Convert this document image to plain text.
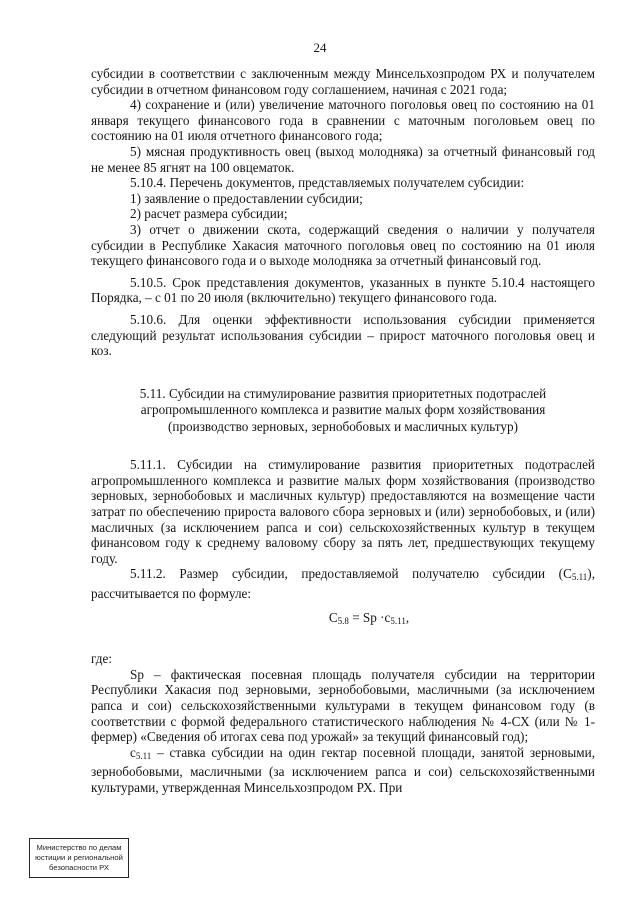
24

субсидии в соответствии с заключенным между Минсельхозпродом РХ и получателем субсидии в отчетном финансовом году соглашением, начиная с 2021 года;

4) сохранение и (или) увеличение маточного поголовья овец по состоянию на 01 января текущего финансового года в сравнении с маточным поголовьем овец по состоянию на 01 июля отчетного финансового года;

5) мясная продуктивность овец (выход молодняка) за отчетный финансовый год не менее 85 ягнят на 100 овцематок.

5.10.4. Перечень документов, представляемых получателем субсидии:

1) заявление о предоставлении субсидии;

2) расчет размера субсидии;

3) отчет о движении скота, содержащий сведения о наличии у получателя субсидии в Республике Хакасия маточного поголовья овец по состоянию на 01 июля текущего финансового года и о выходе молодняка за отчетный финансовый год.

5.10.5. Срок представления документов, указанных в пункте 5.10.4 настоящего Порядка, – с 01 по 20 июля (включительно) текущего финансового года.

5.10.6. Для оценки эффективности использования субсидии применяется следующий результат использования субсидии – прирост маточного поголовья овец и коз.

5.11. Субсидии на стимулирование развития приоритетных подотраслей
агропромышленного комплекса и развитие малых форм хозяйствования
(производство зерновых, зернобобовых и масличных культур)

5.11.1. Субсидии на стимулирование развития приоритетных подотраслей агропромышленного комплекса и развитие малых форм хозяйствования (производство зерновых, зернобобовых и масличных культур) предоставляются на возмещение части затрат по обеспечению прироста валового сбора зерновых и (или) зернобобовых, и (или) масличных (за исключением рапса и сои) сельскохозяйственных культур в текущем финансовом году к среднему валовому сбору за пять лет, предшествующих текущему году.

5.11.2. Размер субсидии, предоставляемой получателю субсидии $(C_{5.11})$, рассчитывается по формуле:

$C_{5.8} = Sp \cdot c_{5.11}$,

где:

Sp – фактическая посевная площадь получателя субсидии на территории Республики Хакасия под зерновыми, зернобобовыми, масличными (за исключением рапса и сои) сельскохозяйственными культурами в текущем финансовом году (в соответствии с формой федерального статистического наблюдения № 4-СХ (или № 1-фермер) «Сведения об итогах сева под урожай» за текущий финансовый год);

$c_{5.11}$ – ставка субсидии на один гектар посевной площади, занятой зерновыми, зернобобовыми, масличными (за исключением рапса и сои) сельскохозяйственными культурами, утвержденная Минсельхозпродом РХ. При

Министерство по делам
юстиции и региональной
безопасности РХ
